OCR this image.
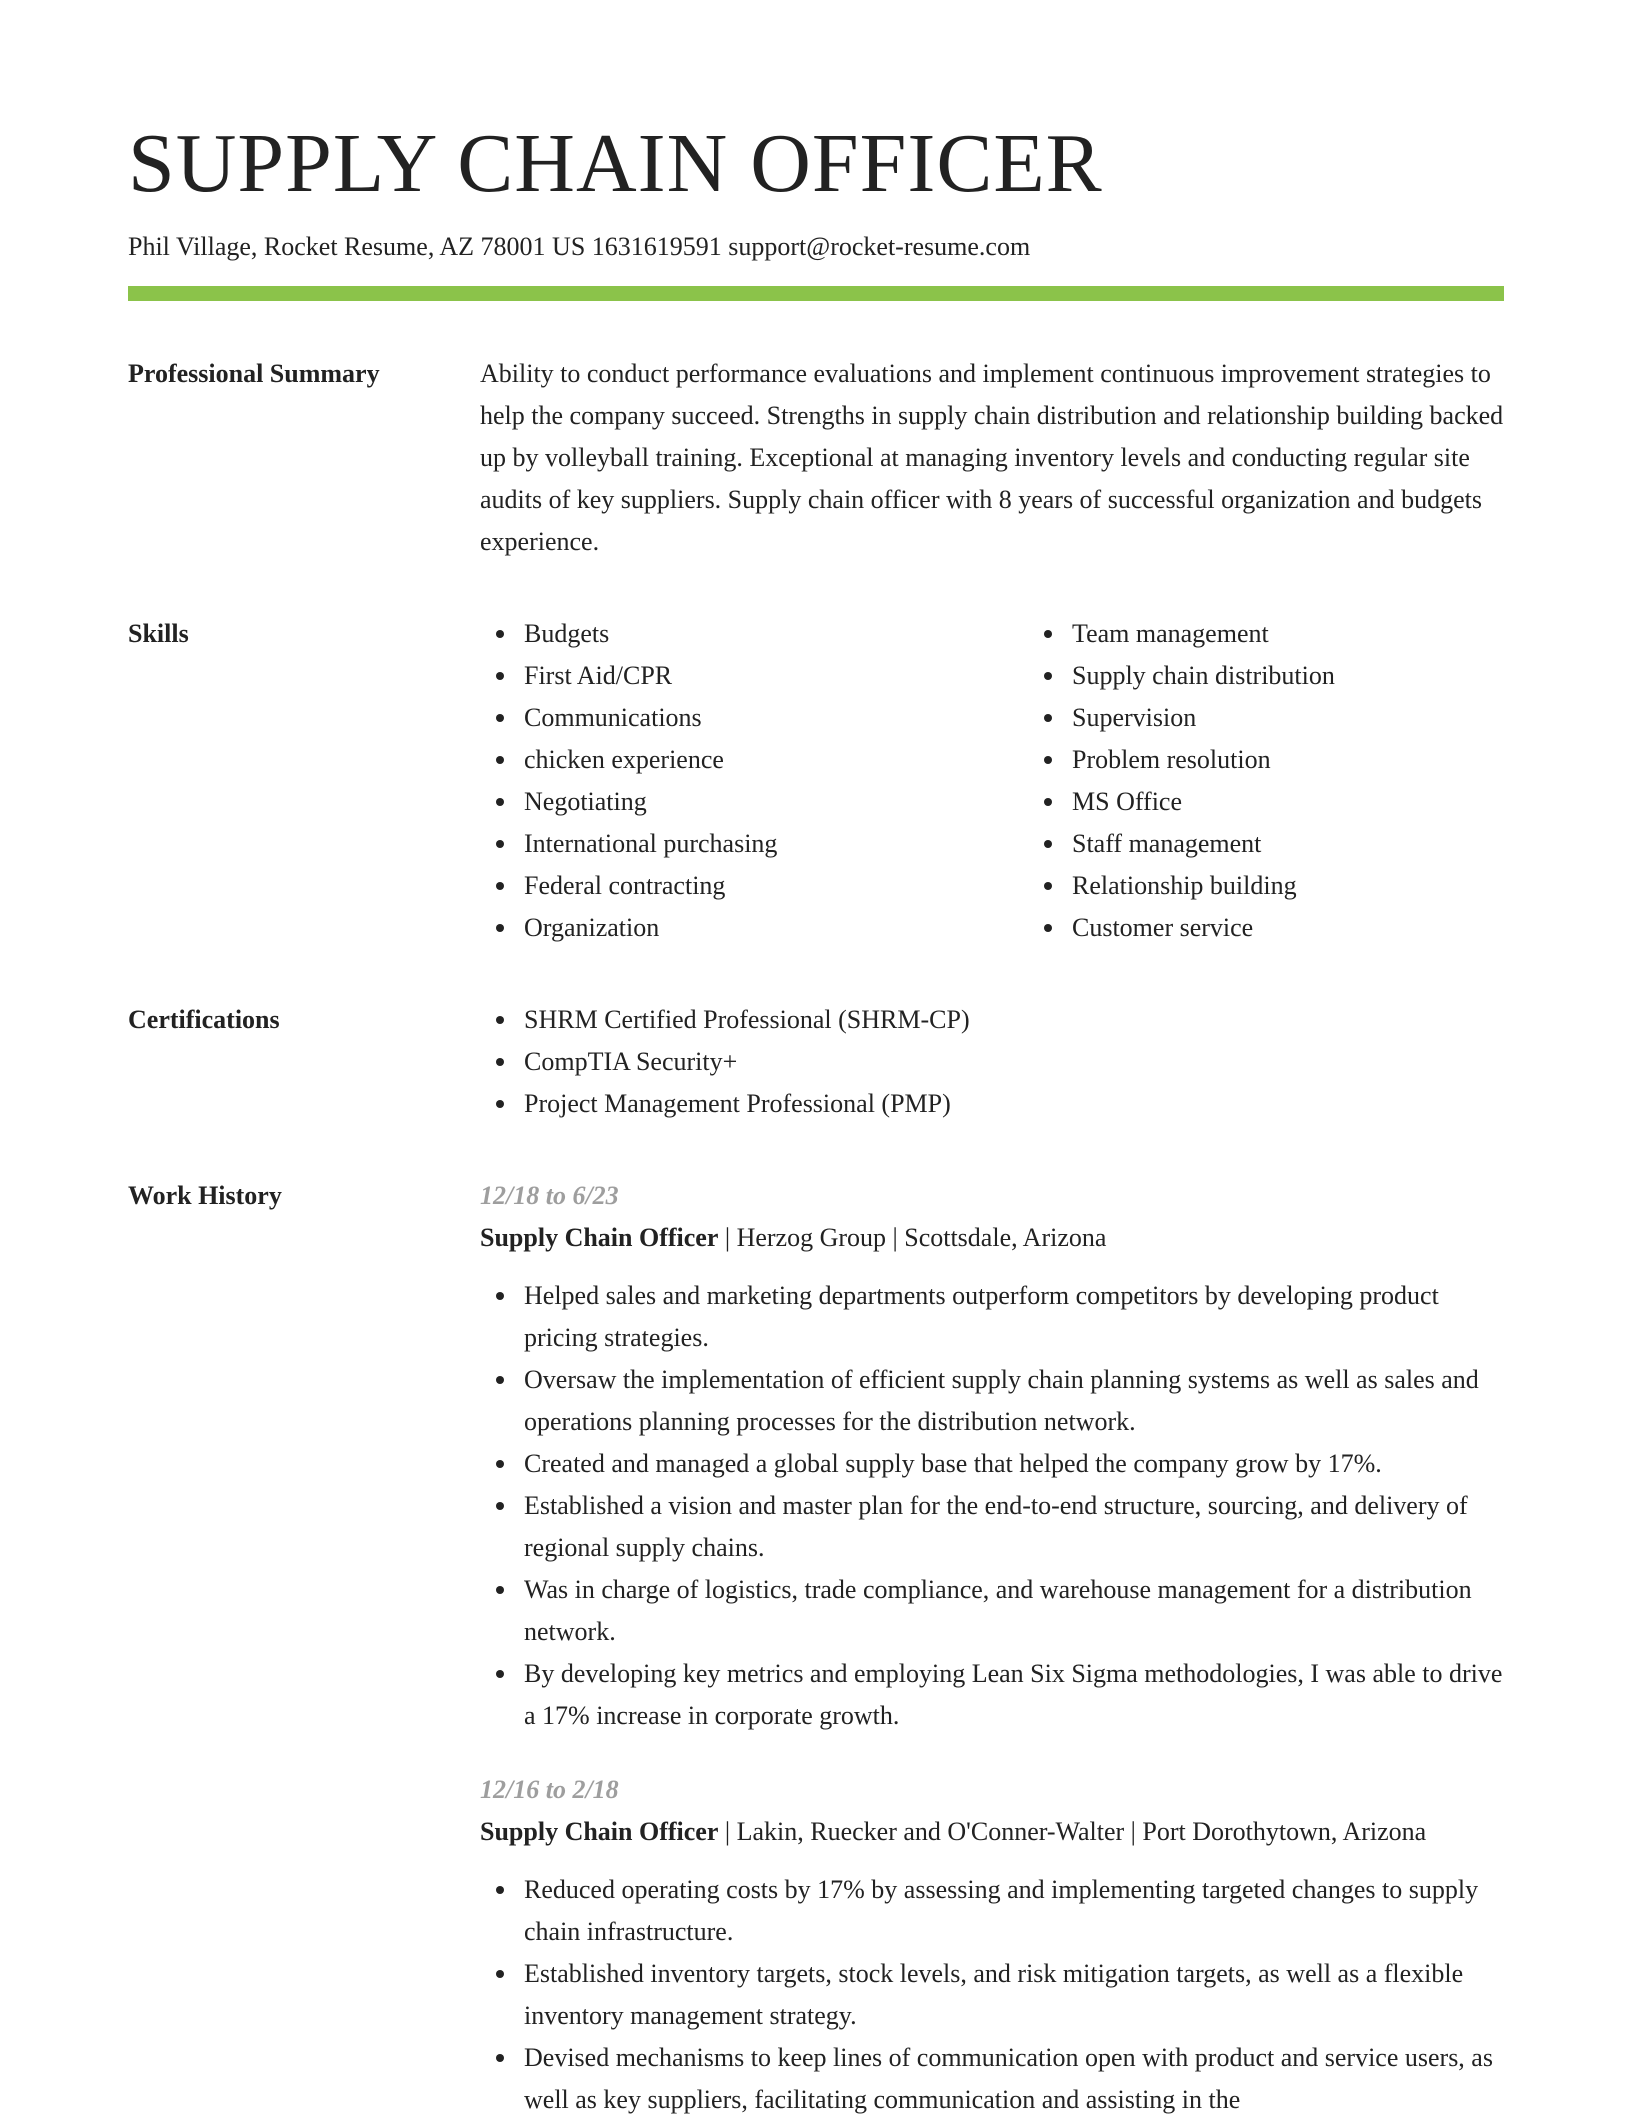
SUPPLY CHAIN OFFICER
Phil Village, Rocket Resume, AZ 78001 US 1631619591 support@rocket-resume.com
Professional Summary	Ability to conduct performance evaluations and implement continuous improvement strategies to help the company succeed. Strengths in supply chain distribution and relationship building backed up by volleyball training. Exceptional at managing inventory levels and conducting regular site audits of key suppliers. Supply chain officer with 8 years of successful organization and budgets experience.

Skills	Budgets
First Aid/CPR
Communications
chicken experience
Negotiating
International purchasing
Federal contracting
Organization
Team management
Supply chain distribution
Supervision
Problem resolution
MS Office
Staff management
Relationship building
Customer service
Certifications	SHRM Certified Professional (SHRM-CP)
CompTIA Security+
Project Management Professional (PMP)
Work History	12/18 to 6/23
Supply Chain Officer | Herzog Group | Scottsdale, Arizona
Helped sales and marketing departments outperform competitors by developing product pricing strategies.
Oversaw the implementation of efficient supply chain planning systems as well as sales and operations planning processes for the distribution network.
Created and managed a global supply base that helped the company grow by 17%.
Established a vision and master plan for the end-to-end structure, sourcing, and delivery of regional supply chains.
Was in charge of logistics, trade compliance, and warehouse management for a distribution network.
By developing key metrics and employing Lean Six Sigma methodologies, I was able to drive a 17% increase in corporate growth.
12/16 to 2/18
Supply Chain Officer | Lakin, Ruecker and O'Conner-Walter | Port Dorothytown, Arizona
Reduced operating costs by 17% by assessing and implementing targeted changes to supply chain infrastructure.
Established inventory targets, stock levels, and risk mitigation targets, as well as a flexible inventory management strategy.
Devised mechanisms to keep lines of communication open with product and service users, as well as key suppliers, facilitating communication and assisting in the
